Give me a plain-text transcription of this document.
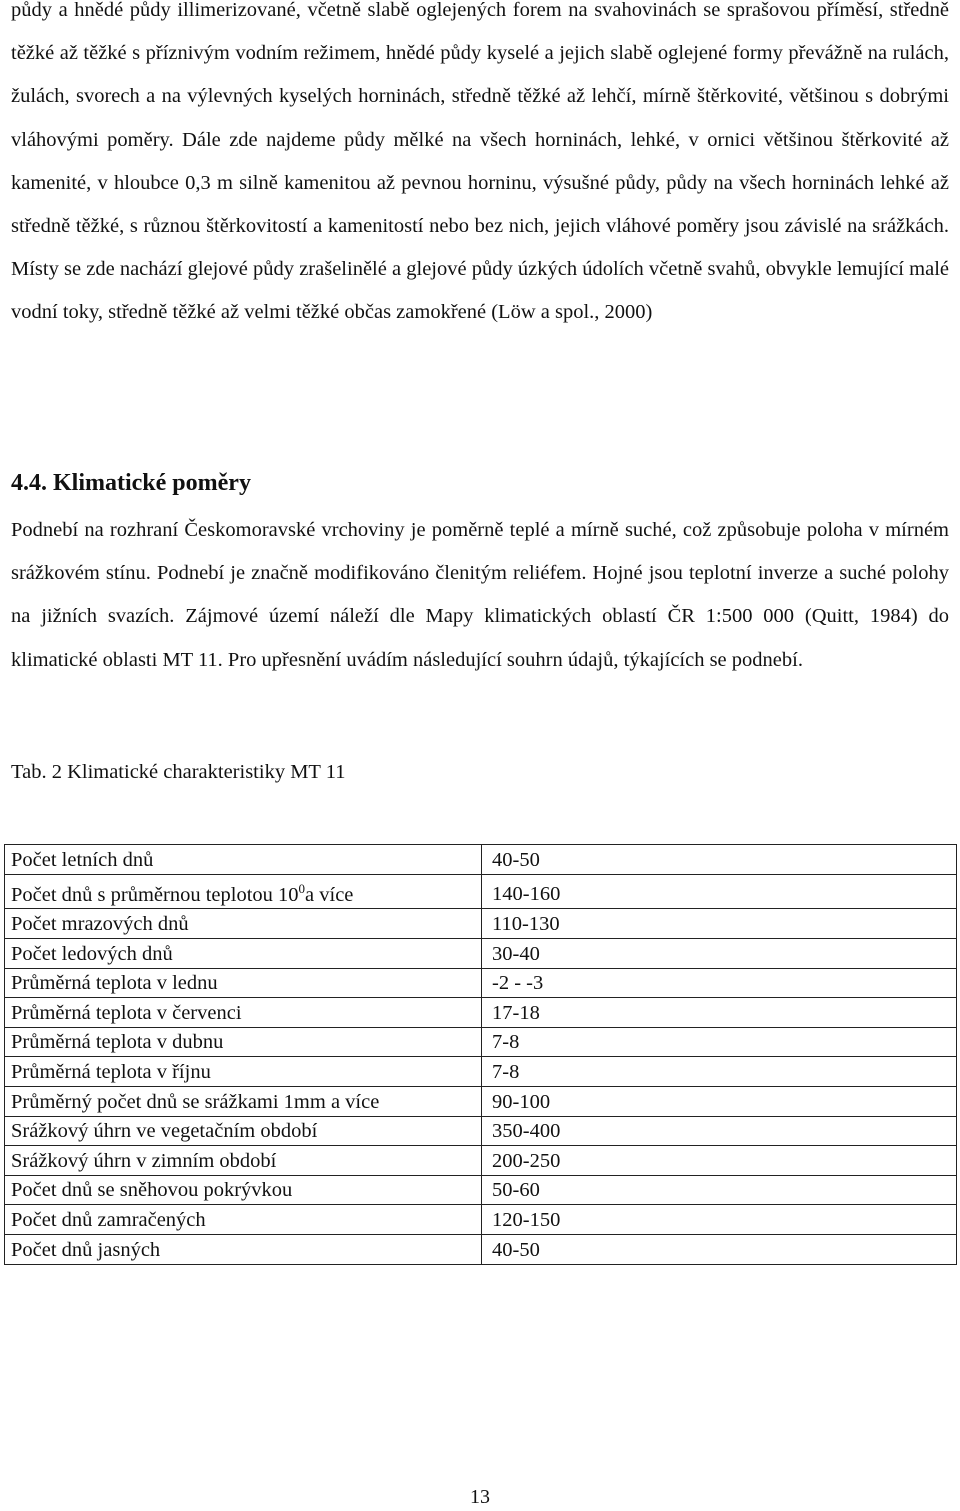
půdy a hnědé půdy illimerizované, včetně slabě oglejených forem na svahovinách se sprašovou příměsí, středně těžké až těžké s příznivým vodním režimem, hnědé půdy kyselé a jejich slabě oglejené formy převážně na rulách, žulách, svorech a na výlevných kyselých horninách, středně těžké až lehčí, mírně štěrkovité, většinou s dobrými vláhovými poměry. Dále zde najdeme půdy mělké na všech horninách, lehké, v ornici většinou štěrkovité až kamenité, v hloubce 0,3 m silně kamenitou až pevnou horninu, výsušné půdy, půdy na všech horninách lehké až středně těžké, s různou štěrkovitostí a kamenitostí nebo bez nich, jejich vláhové poměry jsou závislé na srážkách. Místy se zde nachází glejové půdy zrašelinělé a glejové půdy úzkých údolích včetně svahů, obvykle lemující malé vodní toky, středně těžké až velmi těžké občas zamokřené (Löw a spol., 2000)

4.4. Klimatické poměry

Podnebí na rozhraní Českomoravské vrchoviny je poměrně teplé a mírně suché, což způsobuje poloha v mírném srážkovém stínu. Podnebí je značně modifikováno členitým reliéfem. Hojné jsou teplotní inverze a suché polohy na jižních svazích. Zájmové území náleží dle Mapy klimatických oblastí ČR 1:500 000 (Quitt, 1984) do klimatické oblasti MT 11. Pro upřesnění uvádím následující souhrn údajů, týkajících se podnebí.

Tab. 2 Klimatické charakteristiky MT 11

Počet letních dnů	40-50
Počet dnů s průměrnou teplotou $10^0a$ více	140-160
Počet mrazových dnů	110-130
Počet ledových dnů	30-40
Průměrná teplota v lednu	-2 - -3
Průměrná teplota v červenci	17-18
Průměrná teplota v dubnu	7-8
Průměrná teplota v říjnu	7-8
Průměrný počet dnů se srážkami 1mm a více	90-100
Srážkový úhrn ve vegetačním období	350-400
Srážkový úhrn v zimním období	200-250
Počet dnů se sněhovou pokrývkou	50-60
Počet dnů zamračených	120-150
Počet dnů jasných	40-50
13
